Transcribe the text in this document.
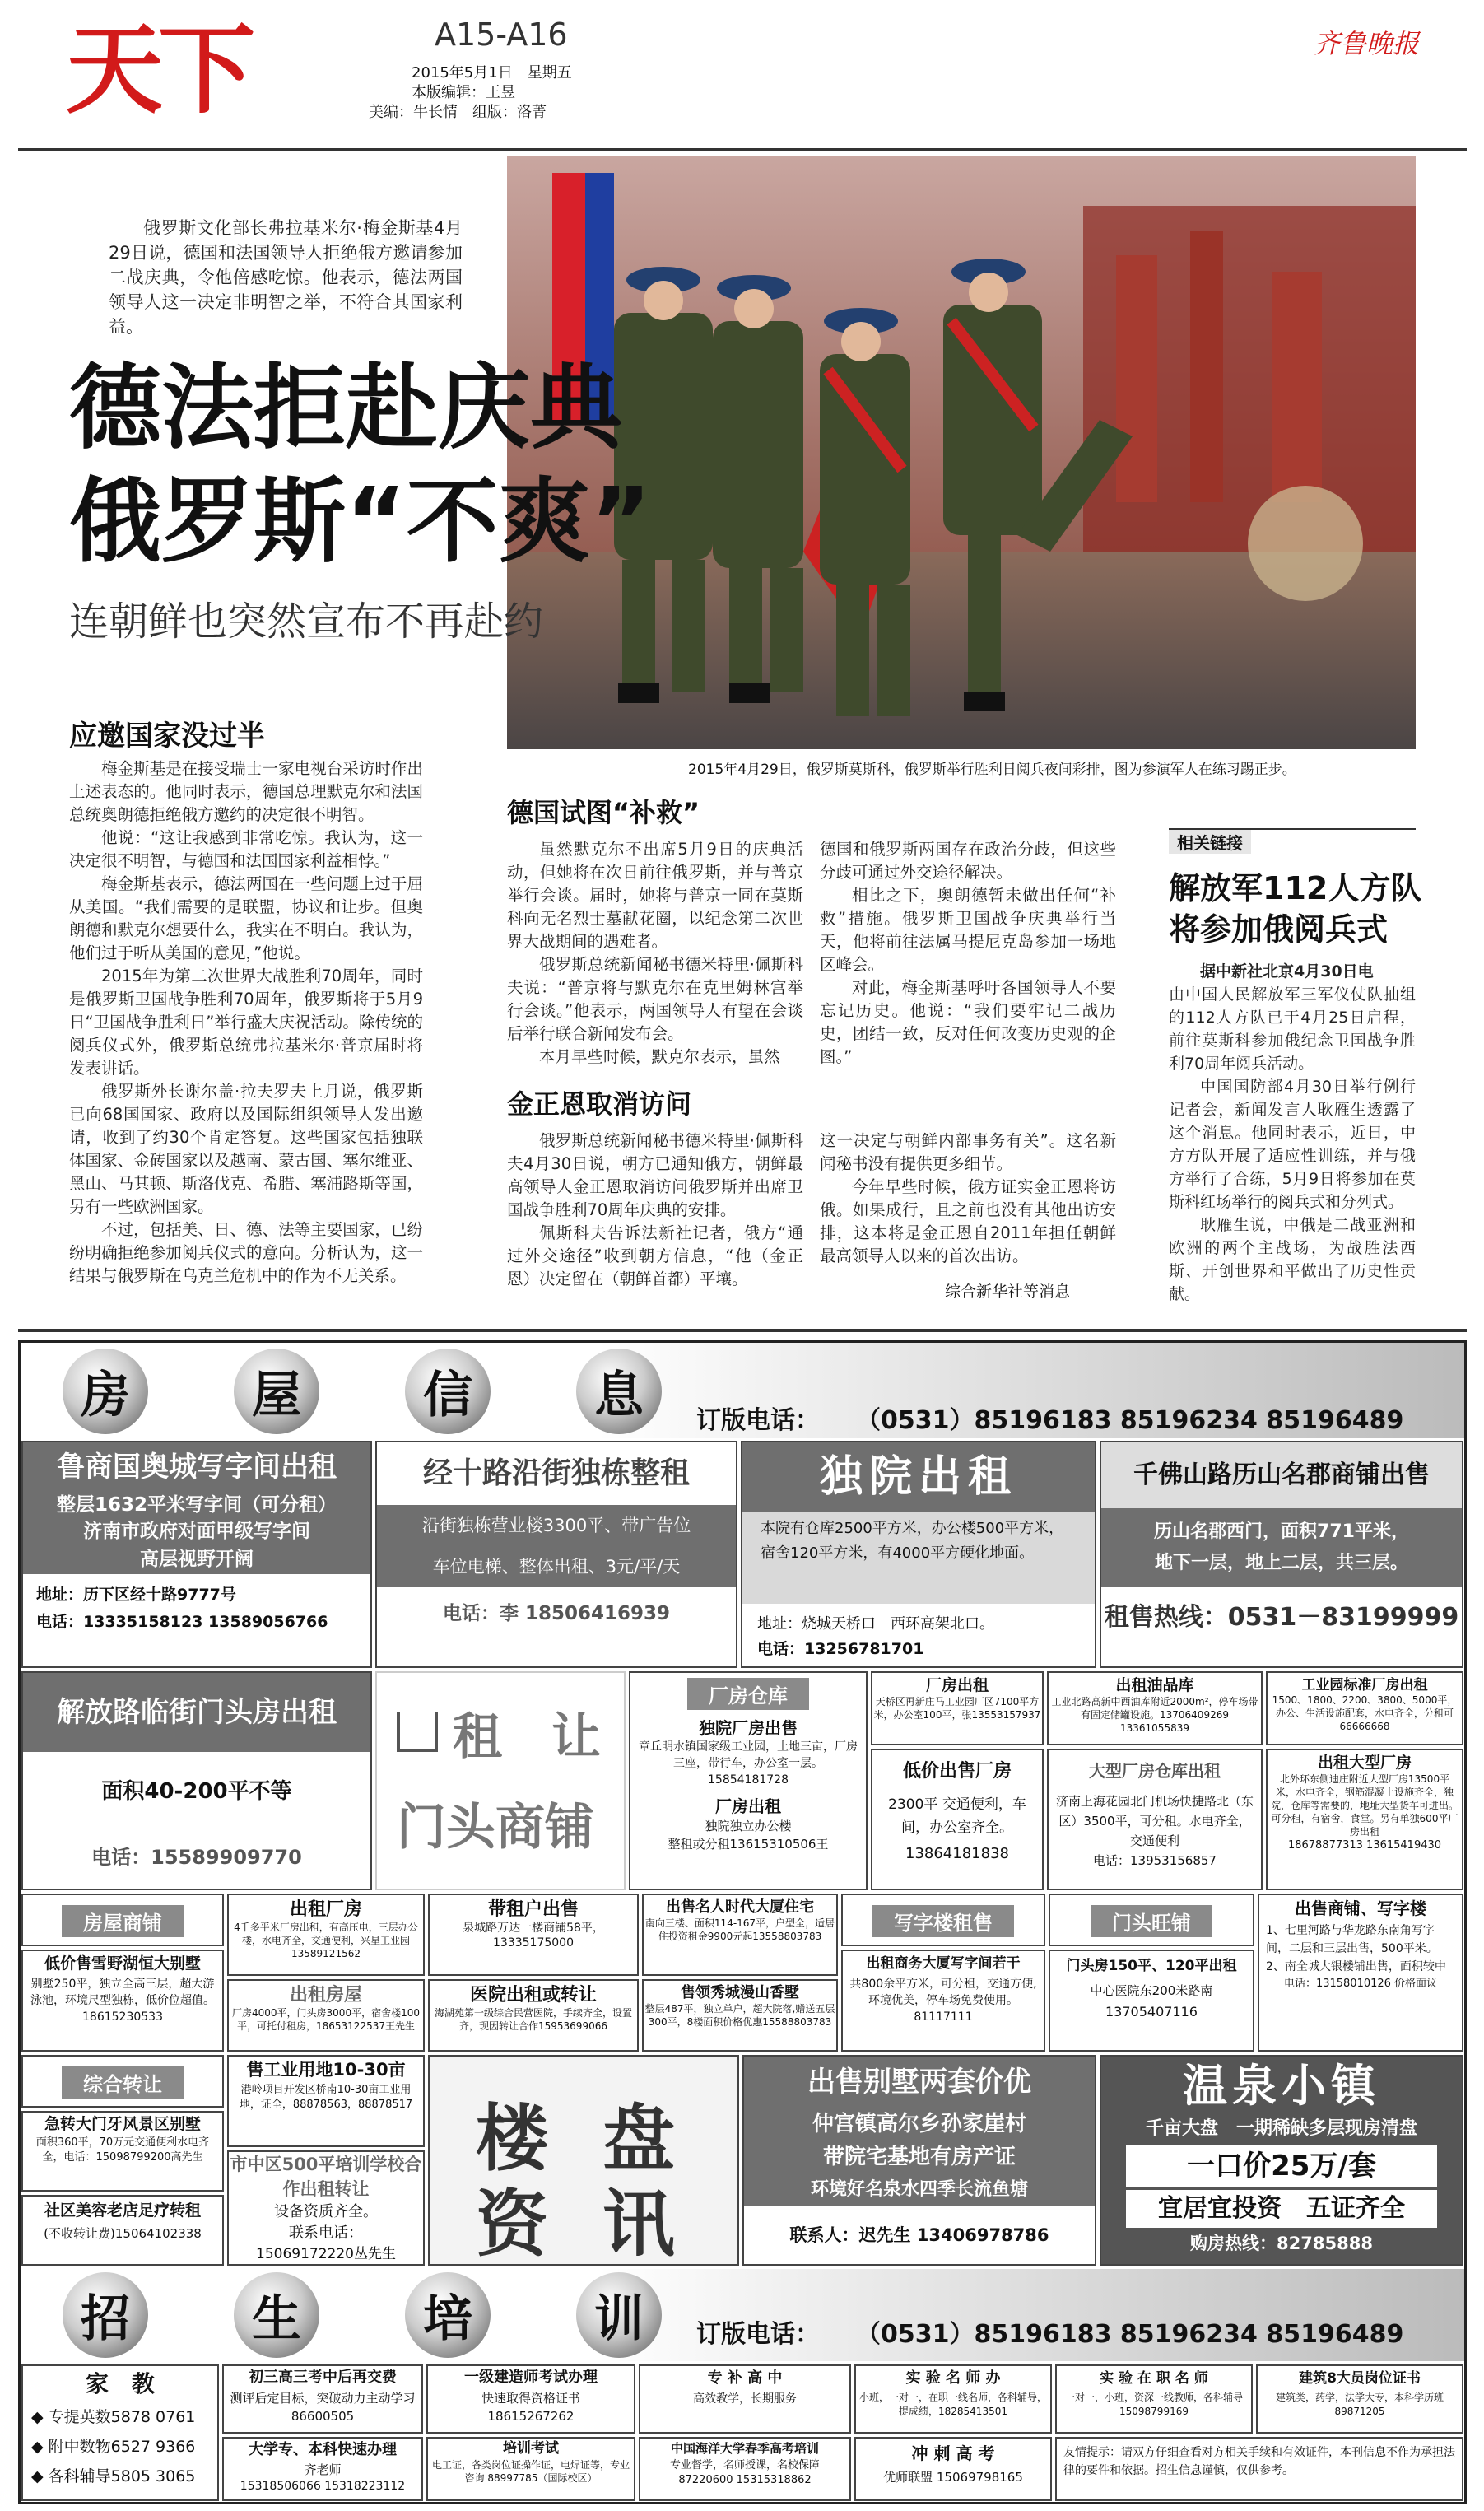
天下	A15-A16
2015年5月1日　星期五
本版编辑：王昱
美编：牛长情　组版：洛菁
齐鲁晚报
2015年4月29日，俄罗斯莫斯科，俄罗斯举行胜利日阅兵夜间彩排，图为参演军人在练习踢正步。
俄罗斯文化部长弗拉基米尔·梅金斯基4月29日说，德国和法国领导人拒绝俄方邀请参加二战庆典，令他倍感吃惊。他表示，德法两国领导人这一决定非明智之举，不符合其国家利益。
德法拒赴庆典
俄罗斯“不爽”
连朝鲜也突然宣布不再赴约
应邀国家没过半

梅金斯基是在接受瑞士一家电视台采访时作出上述表态的。他同时表示，德国总理默克尔和法国总统奥朗德拒绝俄方邀约的决定很不明智。

他说：“这让我感到非常吃惊。我认为，这一决定很不明智，与德国和法国国家利益相悖。”

梅金斯基表示，德法两国在一些问题上过于屈从美国。“我们需要的是联盟，协议和让步。但奥朗德和默克尔想要什么，我实在不明白。我认为，他们过于听从美国的意见，”他说。

2015年为第二次世界大战胜利70周年，同时是俄罗斯卫国战争胜利70周年，俄罗斯将于5月9日“卫国战争胜利日”举行盛大庆祝活动。除传统的阅兵仪式外，俄罗斯总统弗拉基米尔·普京届时将发表讲话。

俄罗斯外长谢尔盖·拉夫罗夫上月说，俄罗斯已向68国国家、政府以及国际组织领导人发出邀请，收到了约30个肯定答复。这些国家包括独联体国家、金砖国家以及越南、蒙古国、塞尔维亚、黑山、马其顿、斯洛伐克、希腊、塞浦路斯等国，另有一些欧洲国家。

不过，包括美、日、德、法等主要国家，已纷纷明确拒绝参加阅兵仪式的意向。分析认为，这一结果与俄罗斯在乌克兰危机中的作为不无关系。

德国试图“补救”

虽然默克尔不出席5月9日的庆典活动，但她将在次日前往俄罗斯，并与普京举行会谈。届时，她将与普京一同在莫斯科向无名烈士墓献花圈，以纪念第二次世界大战期间的遇难者。

俄罗斯总统新闻秘书德米特里·佩斯科夫说：“普京将与默克尔在克里姆林宫举行会谈。”他表示，两国领导人有望在会谈后举行联合新闻发布会。

本月早些时候，默克尔表示，虽然

德国和俄罗斯两国存在政治分歧，但这些分歧可通过外交途径解决。

相比之下，奥朗德暂未做出任何“补救”措施。俄罗斯卫国战争庆典举行当天，他将前往法属马提尼克岛参加一场地区峰会。

对此，梅金斯基呼吁各国领导人不要忘记历史。他说：“我们要牢记二战历史，团结一致，反对任何改变历史观的企图。”

金正恩取消访问

俄罗斯总统新闻秘书德米特里·佩斯科夫4月30日说，朝方已通知俄方，朝鲜最高领导人金正恩取消访问俄罗斯并出席卫国战争胜利70周年庆典的安排。

佩斯科夫告诉法新社记者，俄方“通过外交途径”收到朝方信息，“他（金正恩）决定留在（朝鲜首都）平壤。

这一决定与朝鲜内部事务有关”。这名新闻秘书没有提供更多细节。

今年早些时候，俄方证实金正恩将访俄。如果成行，且之前也没有其他出访安排，这本将是金正恩自2011年担任朝鲜最高领导人以来的首次出访。

综合新华社等消息
相关链接
解放军112人方队
将参加俄阅兵式

据中新社北京4月30日电

由中国人民解放军三军仪仗队抽组的112人方队已于4月25日启程，前往莫斯科参加俄纪念卫国战争胜利70周年阅兵活动。

中国国防部4月30日举行例行记者会，新闻发言人耿雁生透露了这个消息。他同时表示，近日，中方方队开展了适应性训练，并与俄方举行了合练，5月9日将参加在莫斯科红场举行的阅兵式和分列式。

耿雁生说，中俄是二战亚洲和欧洲的两个主战场，为战胜法西斯、开创世界和平做出了历史性贡献。

房	屋	信	息	订版电话： （0531）85196183 85196234 85196489
鲁商国奥城写字间出租
整层1632平米写字间（可分租）
济南市政府对面甲级写字间
高层视野开阔
地址：历下区经十路9777号
电话：13335158123 13589056766
经十路沿街独栋整租
沿街独栋营业楼3300平、带广告位
车位电梯、整体出租、3元/平/天
电话：李 18506416939
独院出租
本院有仓库2500平方米，办公楼500平方米，宿舍120平方米，有4000平方硬化地面。
地址：烧城天桥口　西环高架北口。
电话：13256781701
千佛山路历山名郡商铺出售
历山名郡西门，面积771平米，
地下一层，地上二层，共三层。
租售热线：0531－83199999
解放路临街门头房出租
面积40-200平不等
电话：15589909770
租　让
门头商铺
厂房仓库
独院厂房出售
章丘明水镇国家级工业园，土地三亩，厂房三座，带行车，办公室一层。15854181728
厂房出租
独院独立办公楼
整租或分租13615310506王
厂房出租
天桥区再新庄马工业园厂区7100平方米，办公室100平，张13553157937
出租油品库
工业北路高新中西油库附近2000m²，停车场带有固定储罐设施。13706409269 13361055839
工业园标准厂房出租
1500、1800、2200、3800、5000平，办公、生活设施配套，水电齐全，分租可66666668
低价出售厂房
2300平 交通便利，车间，办公室齐全。
13864181838
大型厂房仓库出租
济南上海花园北门机场快捷路北（东区）3500平，可分租。水电齐全，交通便利
电话：13953156857
出租大型厂房
北外环东侧迪庄附近大型厂房13500平米，水电齐全，钢筋混凝土设施齐全，独院，仓库等需要的，地址大型货车可进出。可分租，有宿舍，食堂。另有单独600平厂房出租
18678877313 13615419430
房屋商铺
出租厂房
4千多平米厂房出租，有高压电，三层办公楼，水电齐全，交通便利，兴星工业园13589121562
带租户出售
泉城路万达一楼商铺58平，13335175000
出售名人时代大厦住宅
南向三楼、面积114-167平，户型全，适居住投资租金9900元起13558803783
写字楼租售	门头旺铺
出售商铺、写字楼
1、七里河路与华龙路东南角写字间，二层和三层出售，500平米。2、南全城大银楼铺出售，面积较中
电话：13158010126 价格面议
低价售雪野湖恒大别墅
别墅250平，独立全高三层，超大游泳池，环境尺型独栋，低价位超值。18615230533
出租房屋
厂房4000平，门头房3000平，宿舍楼100平，可托付租房，18653122537王先生
医院出租或转让
海湖苑第一级综合民营医院，手续齐全，设置齐，现因转让合作15953699066
售领秀城漫山香墅
整层487平，独立单户，超大院落,赠送五层300平，8楼面积价格优惠15588803783
出租商务大厦写字间若干
共800余平方米，可分租，交通方便,环境优美，停车场免费使用。81117111
门头房150平、120平出租
中心医院东200米路南
13705407116
综合转让
急转大门牙风景区别墅
面积360平，70万元交通便利水电齐全，电话：15098799200高先生
社区美容老店足疗转租
(不收转让费)15064102338
售工业用地10-30亩
港岭项目开发区桥南10-30亩工业用地，证全，88878563，88878517
市中区500平培训学校合作出租转让
设备资质齐全。
联系电话：
15069172220丛先生
楼 盘
资 讯
出售别墅两套价优
仲宫镇高尔乡孙家崖村
带院宅基地有房产证
环境好名泉水四季长流鱼塘
联系人：迟先生 13406978786
温泉小镇
千亩大盘　一期稀缺多层现房清盘
一口价25万/套
宜居宜投资　五证齐全
购房热线：82785888
招	生	培	训	订版电话： （0531）85196183 85196234 85196489
家　教
◆ 专提英数5878 0761
◆ 附中数物6527 9366
◆ 各科辅导5805 3065
初三高三考中后再交费
测评后定目标，突破动力主动学习86600505
大学专、本科快速办理
齐老师
15318506066 15318223112
一级建造师考试办理
快速取得资格证书
18615267262
培训考试
电工证，各类岗位证操作证，电焊证等，专业咨询 88997785（国际校区）
专 补 高 中
高效教学，长期服务
中国海洋大学春季高考培训
专业督学，名师授课，名校保障
87220600 15315318862
实 验 名 师 办
小班，一对一，在职一线名师，各科辅导，提成绩，18285413501
冲 刺 高 考
优师联盟 15069798165
实 验 在 职 名 师
一对一，小班，资深一线教师，各科辅导 15098799169
建筑8大员岗位证书
建筑类，药学，法学大专，本科学历班89871205
友情提示：请双方仔细查看对方相关手续和有效证件，本刊信息不作为承担法律的要件和依据。招生信息谨慎，仅供参考。
